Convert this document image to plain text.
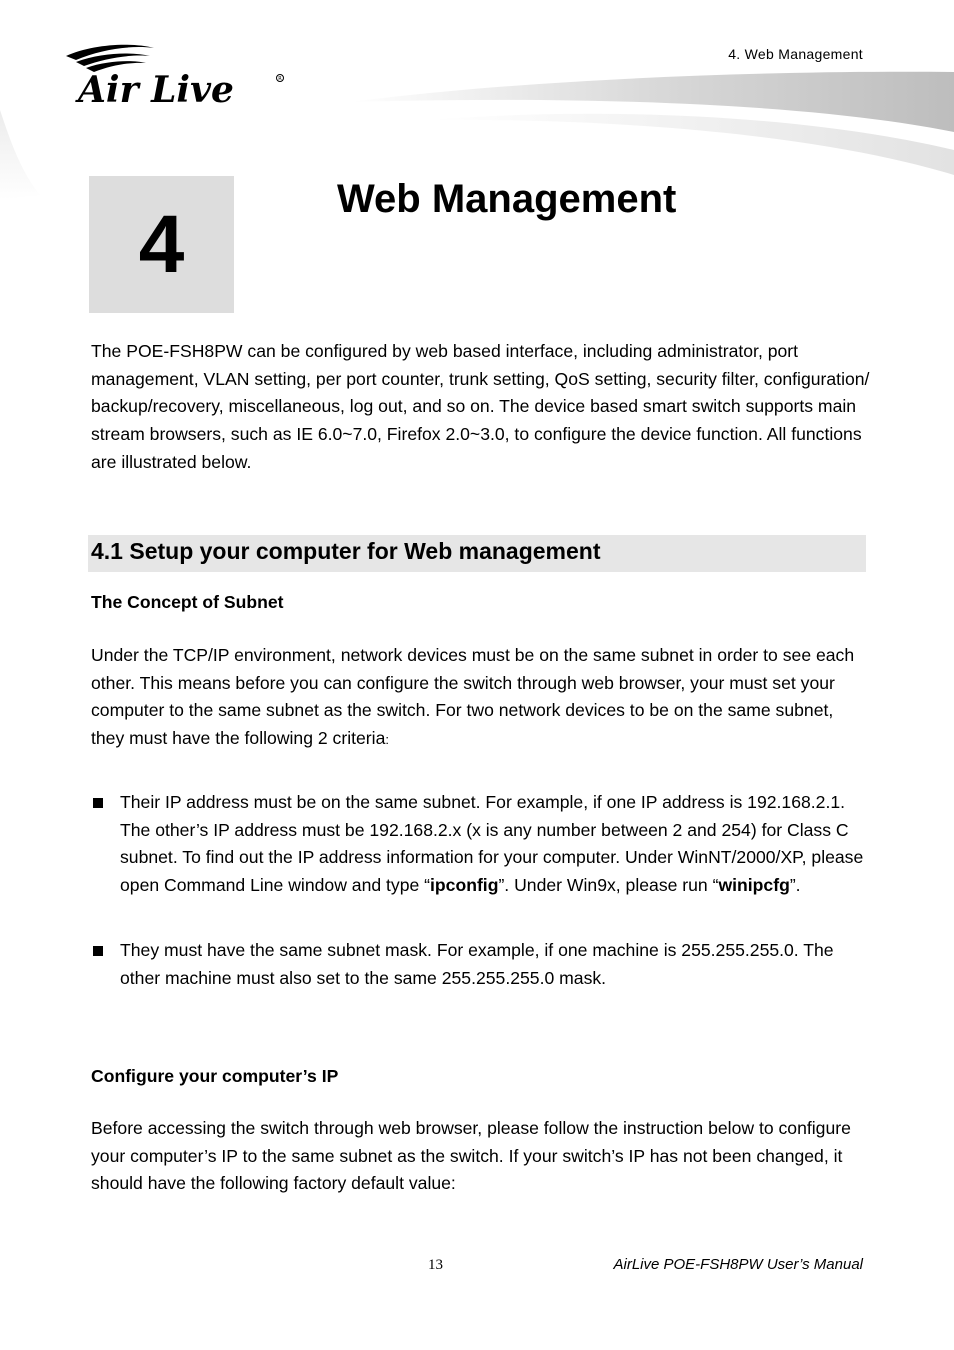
4. Web Management
Air Live	R
4	Web Management
The POE-FSH8PW can be configured by web based interface, including administrator, port management, VLAN setting, per port counter, trunk setting, QoS setting, security filter, configuration/ backup/recovery, miscellaneous, log out, and so on. The device based smart switch supports main stream browsers, such as IE 6.0~7.0, Firefox 2.0~3.0, to configure the device function. All functions are illustrated below.
4.1 Setup your computer for Web management
The Concept of Subnet
Under the TCP/IP environment, network devices must be on the same subnet in order to see each other. This means before you can configure the switch through web browser, your must set your computer to the same subnet as the switch. For two network devices to be on the same subnet, they must have the following 2 criteria:
Their IP address must be on the same subnet. For example, if one IP address is 192.168.2.1. The other’s IP address must be 192.168.2.x (x is any number between 2 and 254) for Class C subnet. To find out the IP address information for your computer. Under WinNT/2000/XP, please open Command Line window and type “ipconfig”. Under Win9x, please run “winipcfg”.
They must have the same subnet mask. For example, if one machine is 255.255.255.0. The other machine must also set to the same 255.255.255.0 mask.
Configure your computer’s IP
Before accessing the switch through web browser, please follow the instruction below to configure your computer’s IP to the same subnet as the switch. If your switch’s IP has not been changed, it should have the following factory default value:
13	AirLive POE-FSH8PW User’s Manual
